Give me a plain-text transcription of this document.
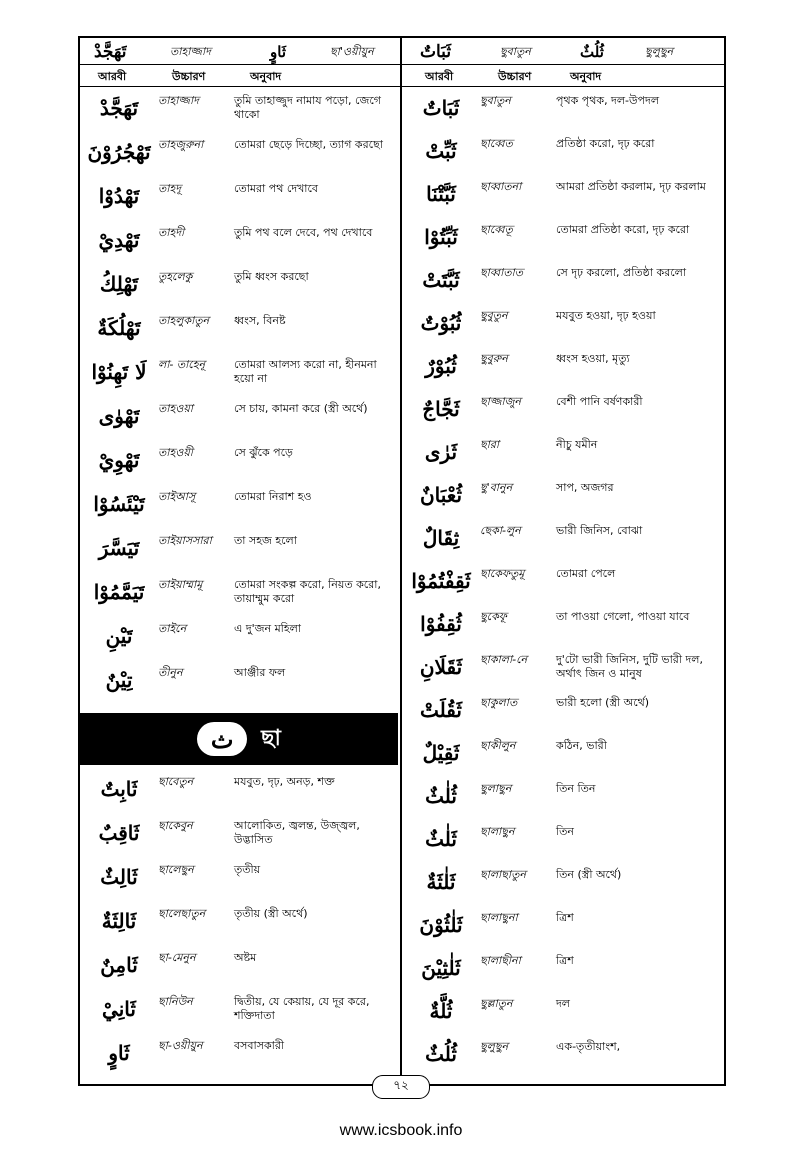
تَهَجَّدْ	তাহাজ্জাদ	ثَاوٍ	ছা'ওয়ীয়ুন	ثَبَاتٌ	ছুবাতুন	ثُلُثٌ	ছুলুছুন
আরবী	উচ্চারণ	অনুবাদ	আরবী	উচ্চারণ	অনুবাদ
تَهَجَّدْ	তাহাজ্জাদ	তুমি তাহাজ্জুদ নামায পড়ো, জেগে থাকো
تَهْجُرُوْنَ তাহজুরুনা	তোমরা ছেড়ে দিচ্ছো, ত্যাগ করছো
تَهْدُوْا	তাহদূ	তোমরা পথ দেখাবে
تَهْدِيْ	তাহদী	তুমি পথ বলে দেবে, পথ দেখাবে
تَهْلِكُ	তুহলেকু	তুমি ধ্বংস করছো
تَهْلُكَةٌ	তাহলুকাতুন	ধ্বংস, বিনষ্ট
لَا تَهِنُوْا	লা- তাহেনূ	তোমরা আলস্য করো না, হীনমনা হয়ো না
تَهْوٰى	তাহওয়া	সে চায়, কামনা করে (স্ত্রী অর্থে)
تَهْوِيْ	তাহওয়ী	সে ঝুঁকে পড়ে
تَيْئَسُوْا	তাইআসূ	তোমরা নিরাশ হও
تَيَسَّرَ	তাইয়াসসারা	তা সহজ হলো
تَيَمَّمُوْا	তাইয়াম্মামূ	তোমরা সংকল্প করো, নিয়ত করো, তায়াম্মুম করো
تَيْنِ	তাইনে	এ দু'জন মহিলা
تِيْنٌ	তীনুন	আঞ্জীর ফল
ثَبَاتٌ	ছুবাতুন	পৃথক পৃথক, দল-উপদল
ثَبِّتْ	ছাব্বেত	প্রতিষ্ঠা করো, দৃঢ় করো
ثَبَّتْنَا	ছাব্বাতনা	আমরা প্রতিষ্ঠা করলাম, দৃঢ় করলাম
ثَبِّتُوْا	ছাব্বেতূ	তোমরা প্রতিষ্ঠা করো, দৃঢ় করো
ثَبَّتَتْ	ছাব্বাতাত	সে দৃঢ় করলো, প্রতিষ্ঠা করলো
ثُبُوْتٌ	ছুবুতুন	মযবুত হওয়া, দৃঢ় হওয়া
ثُبُوْرٌ	ছুবুরুন	ধ্বংস হওয়া, মৃত্যু
ثَجَّاجٌ	ছাজ্জাজুন	বেশী পানি বর্ষণকারী
ثَرٰى	ছারা	নীচু যমীন
ثُعْبَانٌ	ছু'বানুন	সাপ, অজগর
ثِقَالٌ	ছেকা-লুন	ভারী জিনিস, বোঝা
ثَقِفْتُمُوْا ছাকেফতুমূ	তোমরা পেলে
ثُقِفُوْا	ছুকেফূ	তা পাওয়া গেলো, পাওয়া যাবে
ثَقَلَانِ	ছাকালা-নে	দু'টো ভারী জিনিস, দুটি ভারী দল, অর্থাৎ জিন ও মানুষ
ثَقُلَتْ	ছাকুলাত	ভারী হলো (স্ত্রী অর্থে)
ثَقِيْلٌ	ছাকীলুন	কঠিন, ভারী
ثُلٰثٌ	ছুলাছুন	তিন তিন
ثَلٰثٌ	ছালাছুন	তিন
ثَلٰثَةٌ	ছালাছাতুন	তিন (স্ত্রী অর্থে)
ثَلٰثُوْنَ	ছালাছুনা	ত্রিশ
ثَلٰثِيْنَ	ছালাছীনা	ত্রিশ
ثُلَّةٌ	ছুল্লাতুন	দল
ثُلُثٌ	ছুলুছুন	এক-তৃতীয়াংশ,
ث	ছা
ثَابِتٌ	ছাবেতুন	মযবুত, দৃঢ়, অনড়, শক্ত
ثَاقِبٌ	ছাকেবুন	আলোকিত, জ্বলন্ত, উজ্জ্বল, উদ্ভাসিত
ثَالِثٌ	ছালেছুন	তৃতীয়
ثَالِثَةٌ	ছালেছাতুন	তৃতীয় (স্ত্রী অর্থে)
ثَامِنٌ	ছা-মেনুন	অষ্টম
ثَانِيْ	ছানিউন	দ্বিতীয়, যে কেয়ায়, যে দূর করে, শক্তিদাতা
ثَاوٍ	ছা-ওয়ীয়ুন	বসবাসকারী
৭২
www.icsbook.info
